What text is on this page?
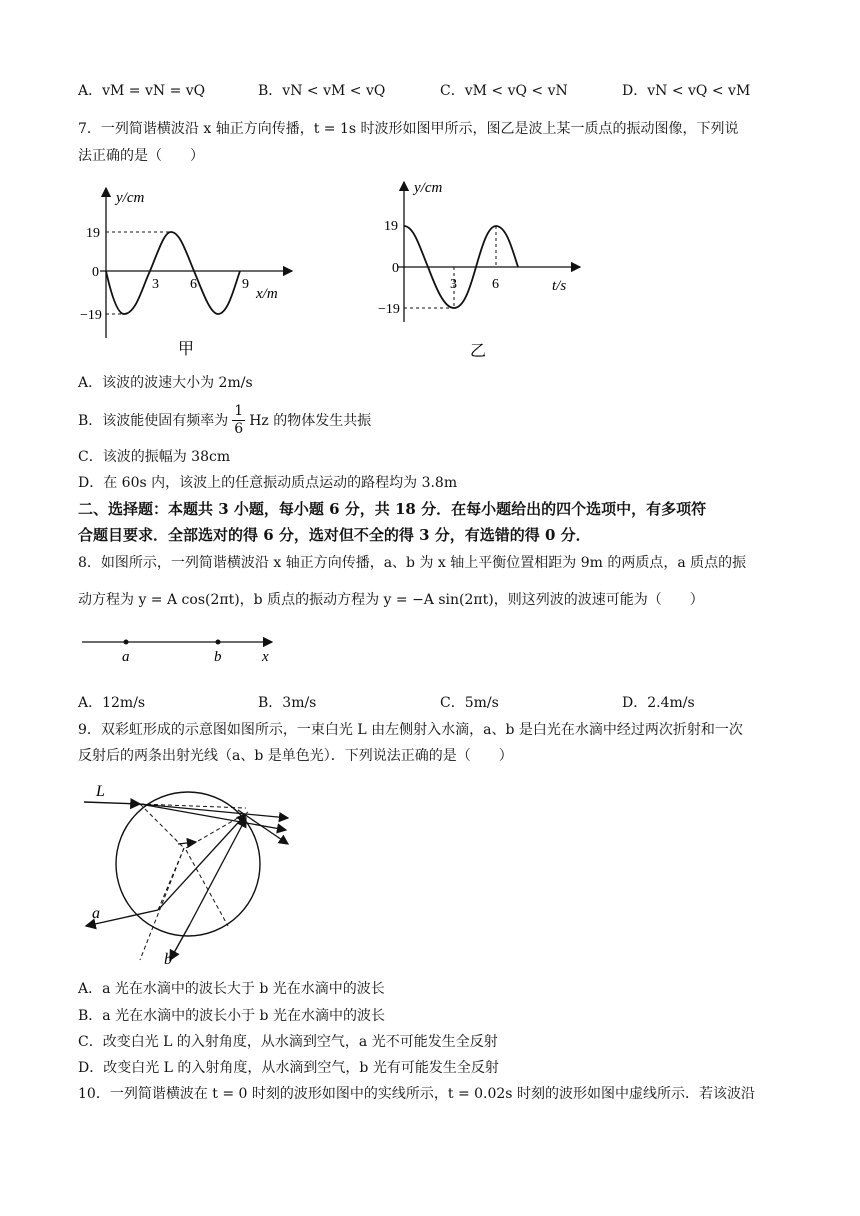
A．vM = vN = vQ	B．vN < vM < vQ	C．vM < vQ < vN	D．vN < vQ < vM
7．一列简谐横波沿 x 轴正方向传播，t = 1s 时波形如图甲所示，图乙是波上某一质点的振动图像，下列说
法正确的是（　　）
y/cm
x/m
19
0
−19
3 6	9
甲
y/cm
t/s
19
0
−19
3	6
乙
A．该波的波速大小为 2m/s
B．该波能使固有频率为 $\frac{1}{6}$ Hz 的物体发生共振
C．该波的振幅为 38cm
D．在 60s 内，该波上的任意振动质点运动的路程均为 3.8m
二、选择题：本题共 3 小题，每小题 6 分，共 18 分．在每小题给出的四个选项中，有多项符
合题目要求．全部选对的得 6 分，选对但不全的得 3 分，有选错的得 0 分．
8．如图所示，一列简谐横波沿 x 轴正方向传播，a、b 为 x 轴上平衡位置相距为 9m 的两质点，a 质点的振
动方程为 y = A cos(2πt)，b 质点的振动方程为 y = −A sin(2πt)，则这列波的波速可能为（　　）
a	b	x
A．12m/s	B．3m/s	C．5m/s	D．2.4m/s
9．双彩虹形成的示意图如图所示，一束白光 L 由左侧射入水滴，a、b 是白光在水滴中经过两次折射和一次
反射后的两条出射光线（a、b 是单色光）．下列说法正确的是（　　）
L
a
b
A．a 光在水滴中的波长大于 b 光在水滴中的波长
B．a 光在水滴中的波长小于 b 光在水滴中的波长
C．改变白光 L 的入射角度，从水滴到空气，a 光不可能发生全反射
D．改变白光 L 的入射角度，从水滴到空气，b 光有可能发生全反射
10．一列简谐横波在 t = 0 时刻的波形如图中的实线所示，t = 0.02s 时刻的波形如图中虚线所示．若该波沿
